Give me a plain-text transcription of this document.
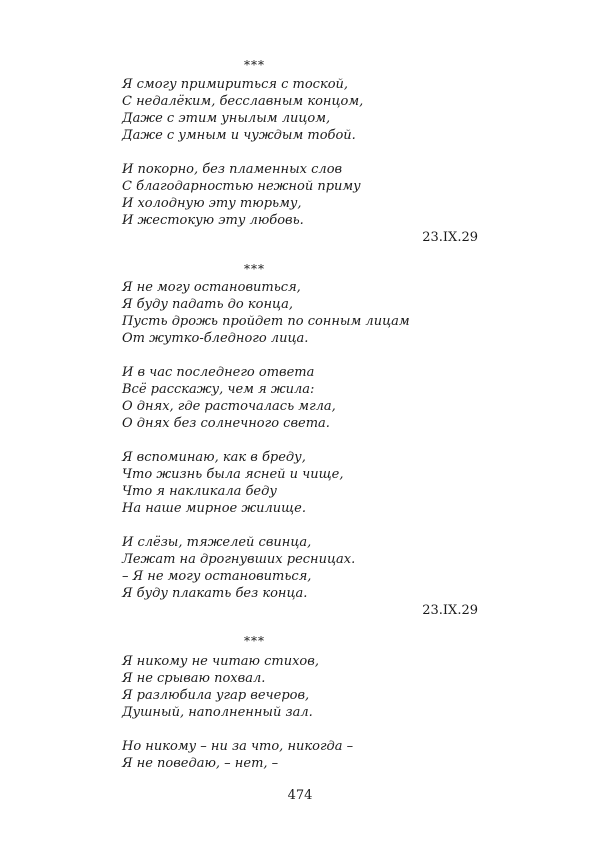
***
Я смогу примириться с тоской,
С недалёким, бесславным концом,
Даже с этим унылым лицом,
Даже с умным и чуждым тобой.
И покорно, без пламенных слов
С благодарностью нежной приму
И холодную эту тюрьму,
И жестокую эту любовь.
23.IX.29
***
Я не могу остановиться,
Я буду падать до конца,
Пусть дрожь пройдет по сонным лицам
От жутко-бледного лица.
И в час последнего ответа
Всё расскажу, чем я жила:
О днях, где расточалась мгла,
О днях без солнечного света.
Я вспоминаю, как в бреду,
Что жизнь была ясней и чище,
Что я накликала беду
На наше мирное жилище.
И слёзы, тяжелей свинца,
Лежат на дрогнувших ресницах.
– Я не могу остановиться,
Я буду плакать без конца.
23.IX.29
***
Я никому не читаю стихов,
Я не срываю похвал.
Я разлюбила угар вечеров,
Душный, наполненный зал.
Но никому – ни за что, никогда –
Я не поведаю, – нет, –
474
